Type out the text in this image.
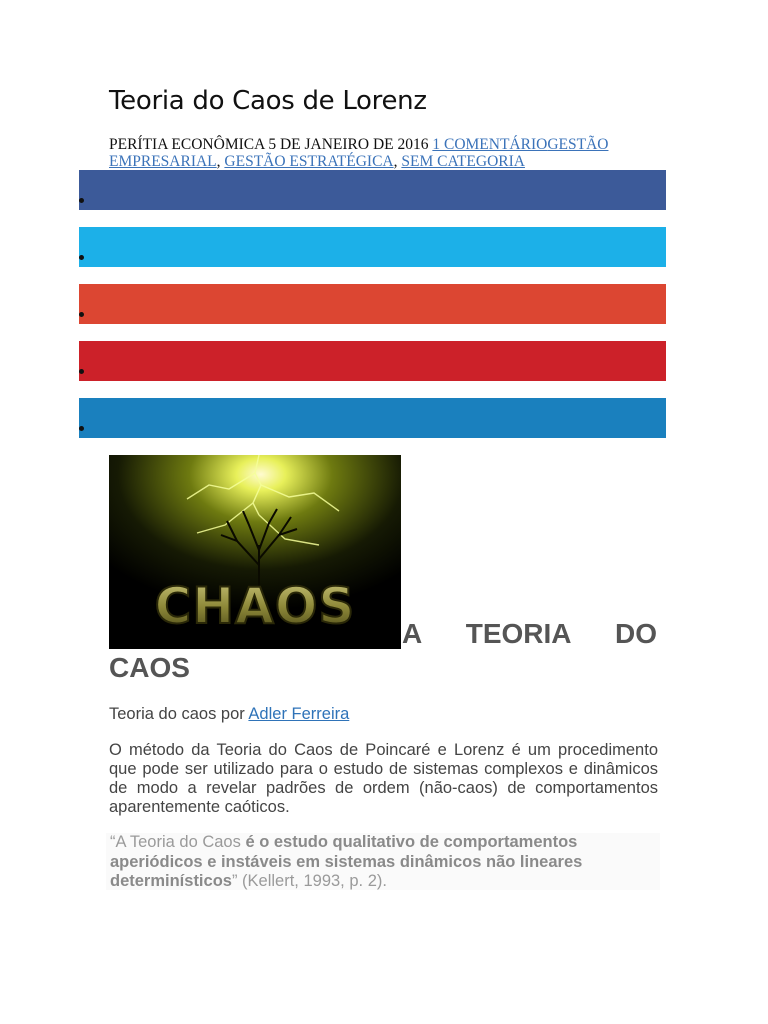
Teoria do Caos de Lorenz
PERÍTIA ECONÔMICA 5 DE JANEIRO DE 2016 1 COMENTÁRIOGESTÃO EMPRESARIAL, GESTÃO ESTRATÉGICA, SEM CATEGORIA
CHAOS A TEORIA DO
CAOS
Teoria do caos por Adler Ferreira

O método da Teoria do Caos de Poincaré e Lorenz é um procedimento que pode ser utilizado para o estudo de sistemas complexos e dinâmicos de modo a revelar padrões de ordem (não-caos) de comportamentos aparentemente caóticos.

“A Teoria do Caos é o estudo qualitativo de comportamentos aperiódicos e instáveis em sistemas dinâmicos não lineares determinísticos” (Kellert, 1993, p. 2).
